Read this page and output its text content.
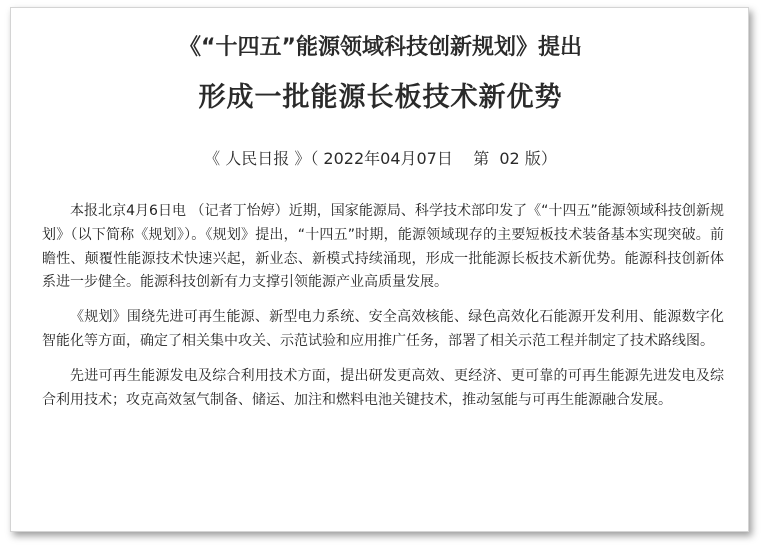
《“十四五”能源领域科技创新规划》提出
形成一批能源长板技术新优势
《 人民日报 》（ 2022年04月07日    第  02 版）

本报北京4月6日电 （记者丁怡婷）近期，国家能源局、科学技术部印发了《“十四五”能源领域科技创新规划》（以下简称《规划》）。《规划》提出，“十四五”时期，能源领域现存的主要短板技术装备基本实现突破。前瞻性、颠覆性能源技术快速兴起，新业态、新模式持续涌现，形成一批能源长板技术新优势。能源科技创新体系进一步健全。能源科技创新有力支撑引领能源产业高质量发展。

《规划》围绕先进可再生能源、新型电力系统、安全高效核能、绿色高效化石能源开发利用、能源数字化智能化等方面，确定了相关集中攻关、示范试验和应用推广任务，部署了相关示范工程并制定了技术路线图。

先进可再生能源发电及综合利用技术方面，提出研发更高效、更经济、更可靠的可再生能源先进发电及综合利用技术；攻克高效氢气制备、储运、加注和燃料电池关键技术，推动氢能与可再生能源融合发展。
